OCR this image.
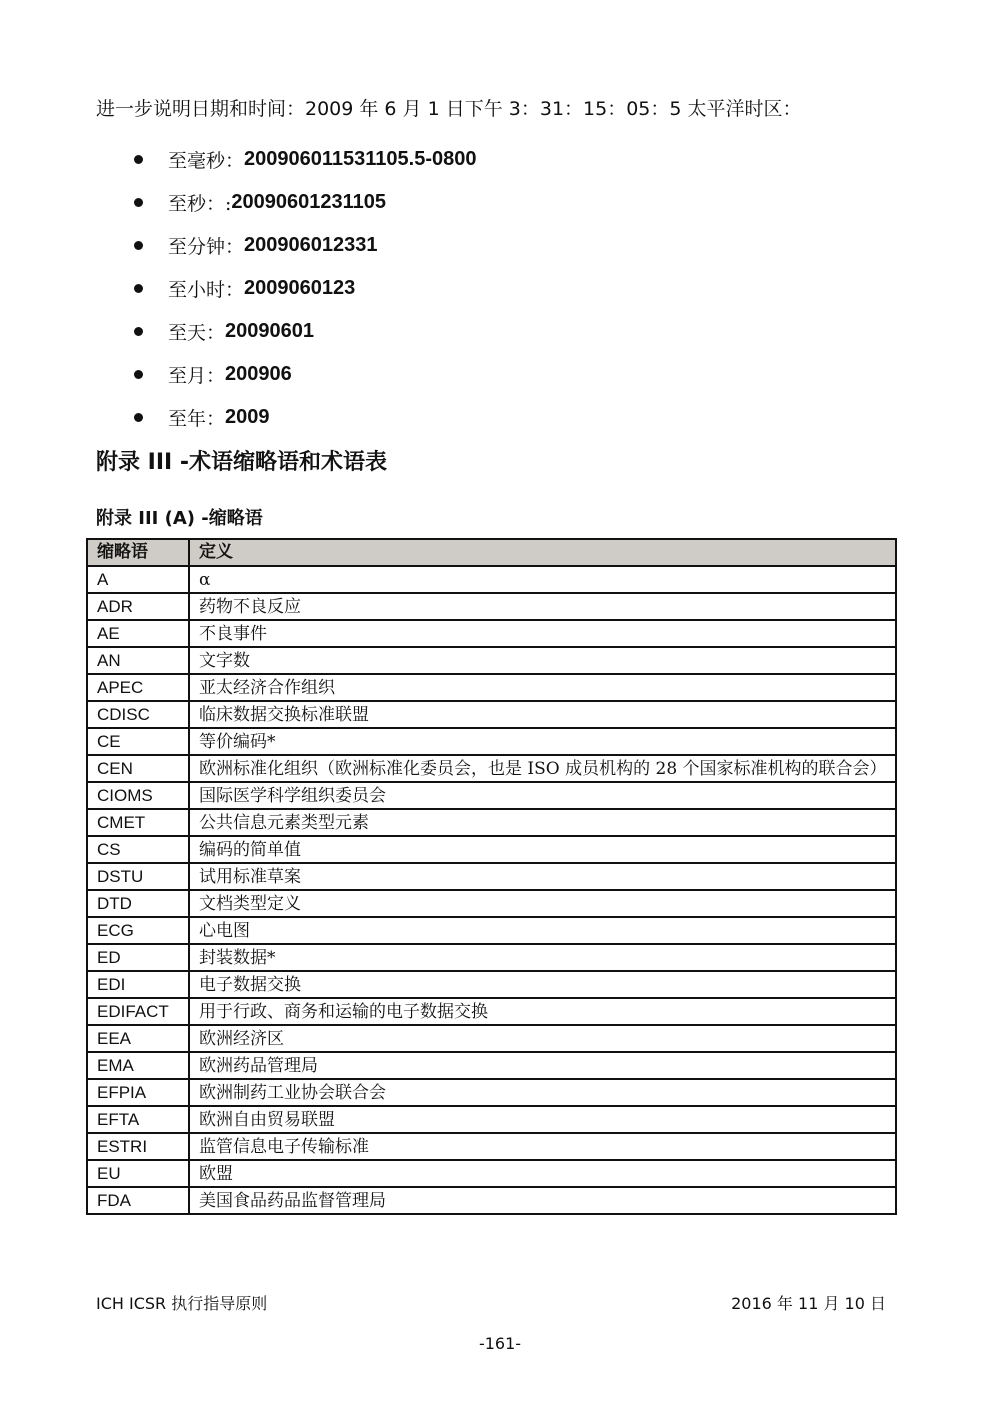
进一步说明日期和时间：2009 年 6 月 1 日下午 3：31：15：05：5 太平洋时区：

至毫秒： 200906011531105.5-0800
至秒：: 20090601231105
至分钟： 200906012331
至小时： 2009060123
至天： 20090601
至月： 200906
至年： 2009
附录 III -术语缩略语和术语表
附录 III (A) -缩略语
缩略语	定义
A	α
ADR	药物不良反应
AE	不良事件
AN	文字数
APEC	亚太经济合作组织
CDISC	临床数据交换标准联盟
CE	等价编码*
CEN	欧洲标准化组织（欧洲标准化委员会，也是 ISO 成员机构的 28 个国家标准机构的联合会）
CIOMS	国际医学科学组织委员会
CMET	公共信息元素类型元素
CS	编码的简单值
DSTU	试用标准草案
DTD	文档类型定义
ECG	心电图
ED	封装数据*
EDI	电子数据交换
EDIFACT	用于行政、商务和运输的电子数据交换
EEA	欧洲经济区
EMA	欧洲药品管理局
EFPIA	欧洲制药工业协会联合会
EFTA	欧洲自由贸易联盟
ESTRI	监管信息电子传输标准
EU	欧盟
FDA	美国食品药品监督管理局

ICH ICSR 执行指导原则	2016 年 11 月 10 日

-161-
